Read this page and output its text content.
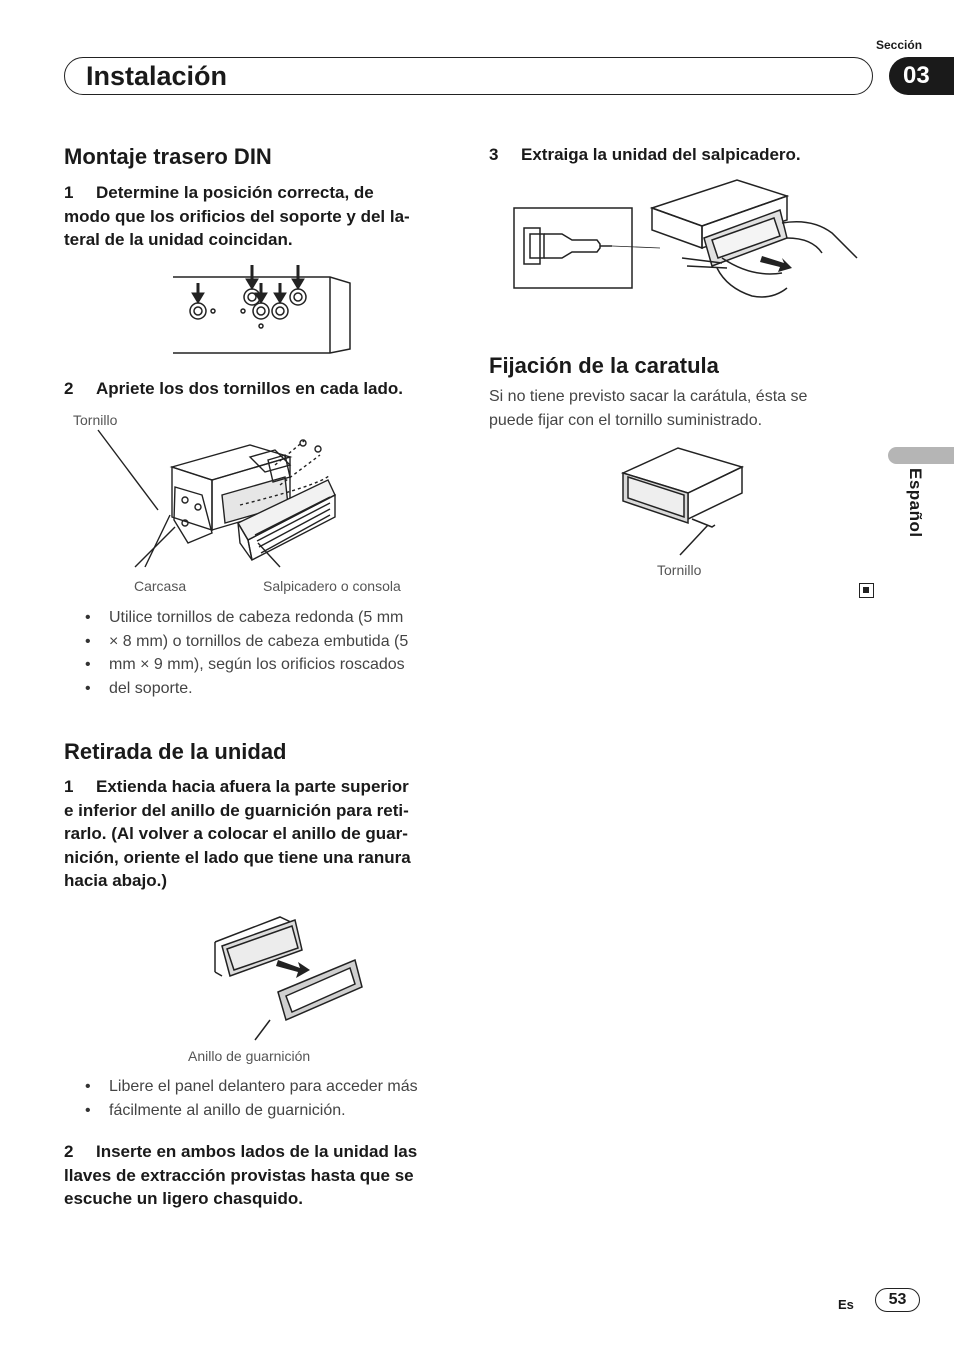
Sección
Instalación	03
Montaje trasero DIN
1 Determine la posición correcta, de
modo que los orificios del soporte y del la-
teral de la unidad coincidan.
2 Apriete los dos tornillos en cada lado.
Tornillo
Carcasa	Salpicadero o consola
• Utilice tornillos de cabeza redonda (5 mm
• × 8 mm) o tornillos de cabeza embutida (5
• mm × 9 mm), según los orificios roscados
• del soporte.
Retirada de la unidad
1 Extienda hacia afuera la parte superior
e inferior del anillo de guarnición para reti-
rarlo. (Al volver a colocar el anillo de guar-
nición, oriente el lado que tiene una ranura
hacia abajo.)
Anillo de guarnición
• Libere el panel delantero para acceder más
• fácilmente al anillo de guarnición.
2 Inserte en ambos lados de la unidad las
llaves de extracción provistas hasta que se
escuche un ligero chasquido.
3 Extraiga la unidad del salpicadero.
Fijación de la caratula
Si no tiene previsto sacar la carátula, ésta se
puede fijar con el tornillo suministrado.
Tornillo
Español
Es	53
